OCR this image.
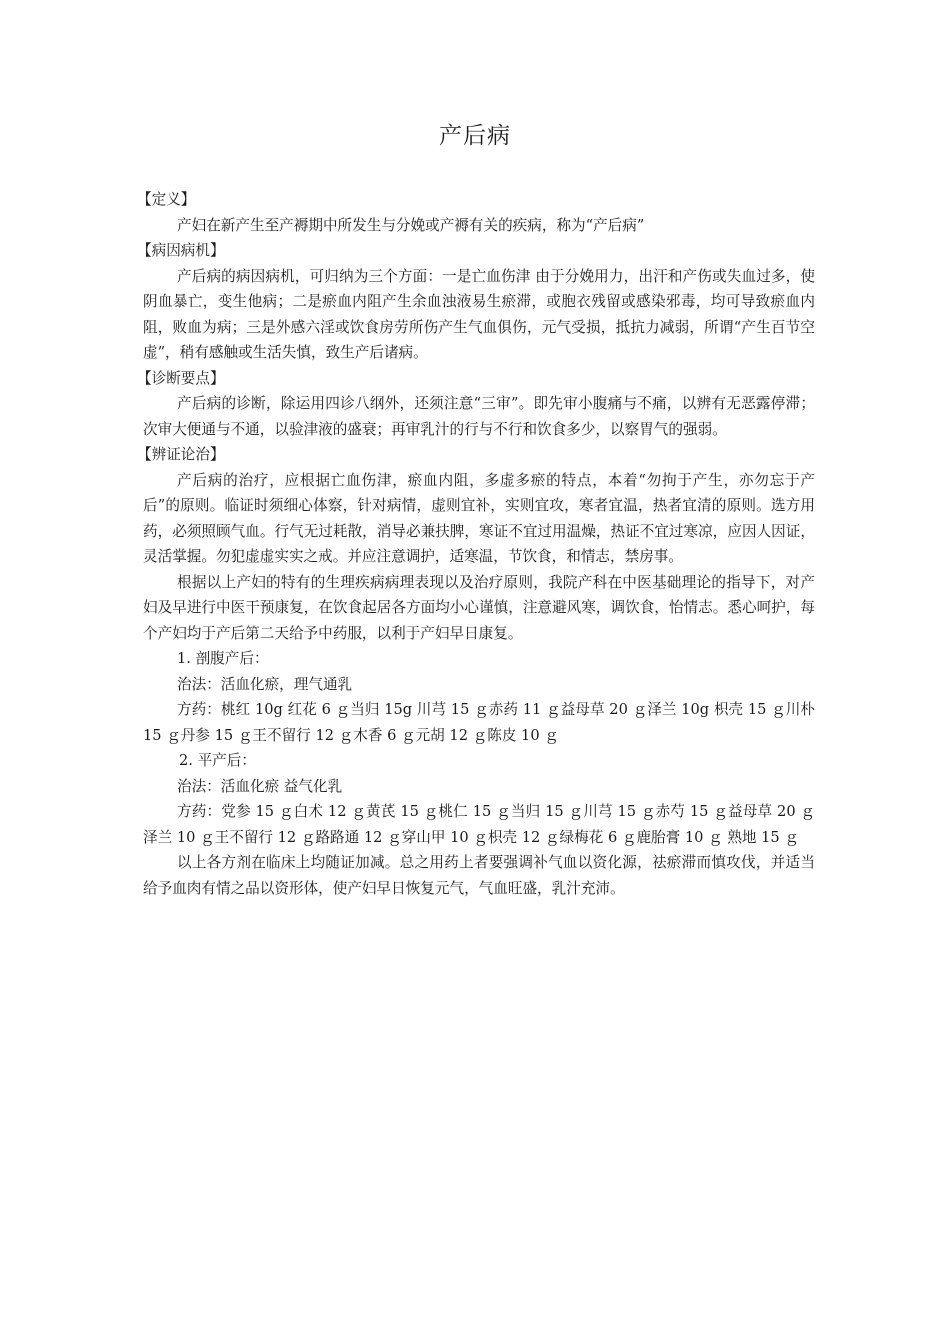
产后病

【定义】

产妇在新产生至产褥期中所发生与分娩或产褥有关的疾病，称为“产后病”

【病因病机】

产后病的病因病机，可归纳为三个方面：一是亡血伤津 由于分娩用力，出汗和产伤或失血过多，使阴血暴亡，变生他病；二是瘀血内阻产生余血浊液易生瘀滞，或胞衣残留或感染邪毒，均可导致瘀血内阻，败血为病；三是外感六淫或饮食房劳所伤产生气血俱伤，元气受损，抵抗力减弱，所谓“产生百节空虚”，稍有感触或生活失慎，致生产后诸病。

【诊断要点】

产后病的诊断，除运用四诊八纲外，还须注意“三审”。即先审小腹痛与不痛，以辨有无恶露停滞；次审大便通与不通，以验津液的盛衰；再审乳汁的行与不行和饮食多少，以察胃气的强弱。

【辨证论治】

产后病的治疗，应根据亡血伤津，瘀血内阻，多虚多瘀的特点，本着“勿拘于产生，亦勿忘于产后”的原则。临证时须细心体察，针对病情，虚则宜补，实则宜攻，寒者宜温，热者宜清的原则。选方用药，必须照顾气血。行气无过耗散，消导必兼扶脾，寒证不宜过用温燥，热证不宜过寒凉，应因人因证，灵活掌握。勿犯虚虚实实之戒。并应注意调护，适寒温，节饮食，和情志，禁房事。

根据以上产妇的特有的生理疾病病理表现以及治疗原则，我院产科在中医基础理论的指导下，对产妇及早进行中医干预康复，在饮食起居各方面均小心谨慎，注意避风寒，调饮食，怡情志。悉心呵护，每个产妇均于产后第二天给予中药服，以利于产妇早日康复。

1. 剖腹产后：

治法：活血化瘀，理气通乳

方药：桃红 10g 红花 6 ｇ当归 15g 川芎 15 ｇ赤药 11 ｇ益母草 20 ｇ泽兰 10g 枳壳 15 ｇ川朴 15 ｇ丹参 15 ｇ王不留行 12 ｇ木香 6 ｇ元胡 12 ｇ陈皮 10 ｇ

2. 平产后：

治法：活血化瘀 益气化乳

方药：党参 15 ｇ白术 12 ｇ黄芪 15 ｇ桃仁 15 ｇ当归 15 ｇ川芎 15 ｇ赤芍 15 ｇ益母草 20 ｇ泽兰 10 ｇ王不留行 12 ｇ路路通 12 ｇ穿山甲 10 ｇ枳壳 12 ｇ绿梅花 6 ｇ鹿胎膏 10 ｇ 熟地 15 ｇ

以上各方剂在临床上均随证加减。总之用药上者要强调补气血以资化源，祛瘀滞而慎攻伐，并适当给予血肉有情之品以资形体，使产妇早日恢复元气，气血旺盛，乳汁充沛。
